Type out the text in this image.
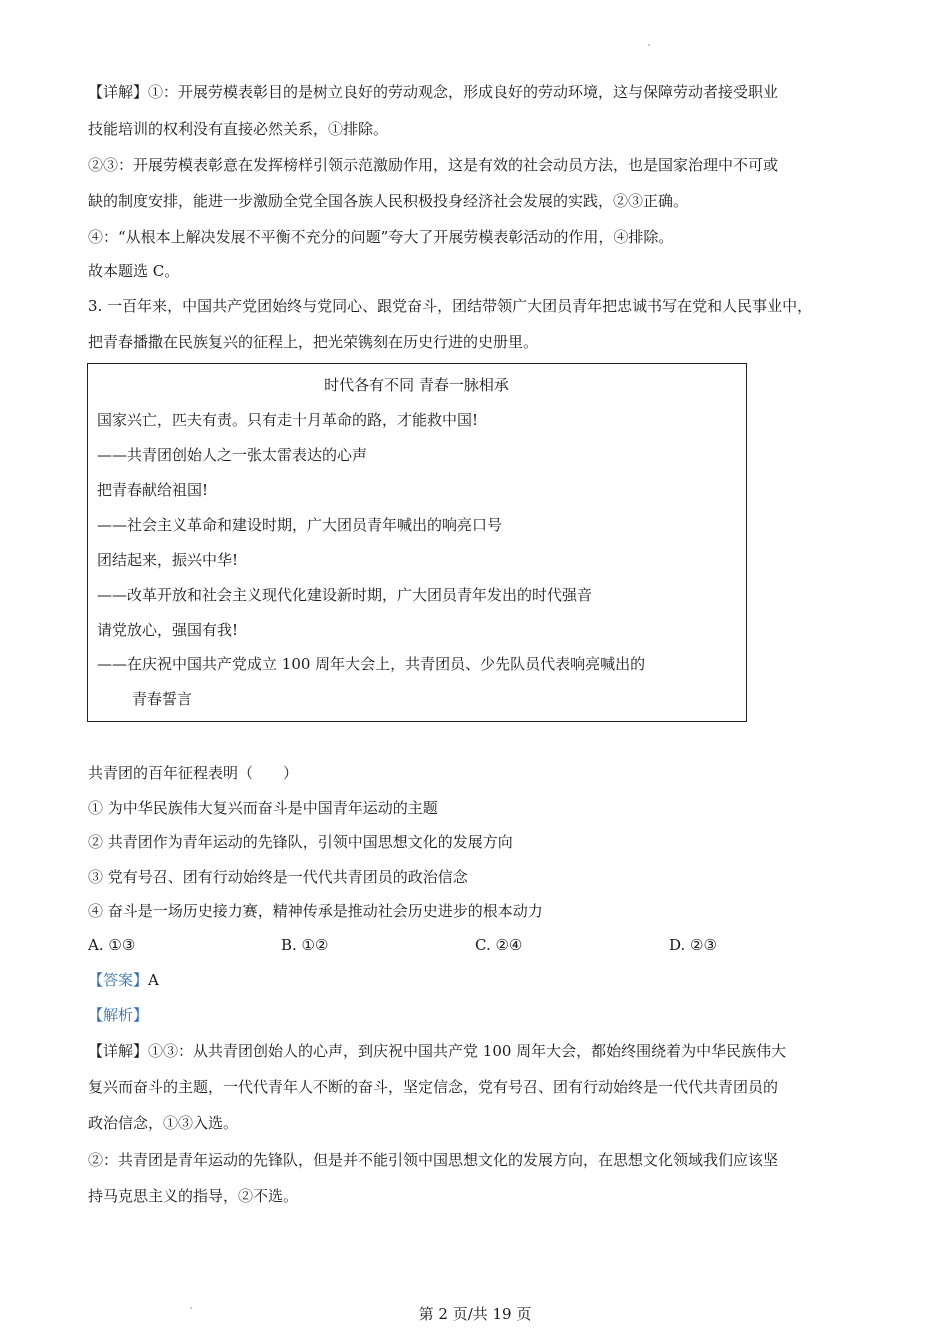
【详解】①：开展劳模表彰目的是树立良好的劳动观念，形成良好的劳动环境，这与保障劳动者接受职业
技能培训的权利没有直接必然关系，①排除。
②③：开展劳模表彰意在发挥榜样引领示范激励作用，这是有效的社会动员方法，也是国家治理中不可或
缺的制度安排，能进一步激励全党全国各族人民积极投身经济社会发展的实践，②③正确。
④：“从根本上解决发展不平衡不充分的问题”夸大了开展劳模表彰活动的作用，④排除。
故本题选 C。
3. 一百年来，中国共产党团始终与党同心、跟党奋斗，团结带领广大团员青年把忠诚书写在党和人民事业中，
把青春播撒在民族复兴的征程上，把光荣镌刻在历史行进的史册里。
时代各有不同 青春一脉相承
国家兴亡，匹夫有责。只有走十月革命的路，才能救中国!
——共青团创始人之一张太雷表达的心声
把青春献给祖国!
——社会主义革命和建设时期，广大团员青年喊出的响亮口号
团结起来，振兴中华!
——改革开放和社会主义现代化建设新时期，广大团员青年发出的时代强音
请党放心，强国有我!
——在庆祝中国共产党成立 100 周年大会上，共青团员、少先队员代表响亮喊出的
青春誓言
共青团的百年征程表明（　　）
① 为中华民族伟大复兴而奋斗是中国青年运动的主题
② 共青团作为青年运动的先锋队，引领中国思想文化的发展方向
③ 党有号召、团有行动始终是一代代共青团员的政治信念
④ 奋斗是一场历史接力赛，精神传承是推动社会历史进步的根本动力
A. ①③	B. ①②	C. ②④	D. ②③
【答案】A
【解析】
【详解】①③：从共青团创始人的心声，到庆祝中国共产党 100 周年大会，都始终围绕着为中华民族伟大
复兴而奋斗的主题，一代代青年人不断的奋斗，坚定信念，党有号召、团有行动始终是一代代共青团员的
政治信念，①③入选。
②：共青团是青年运动的先锋队，但是并不能引领中国思想文化的发展方向，在思想文化领域我们应该坚
持马克思主义的指导，②不选。
第 2 页/共 19 页
